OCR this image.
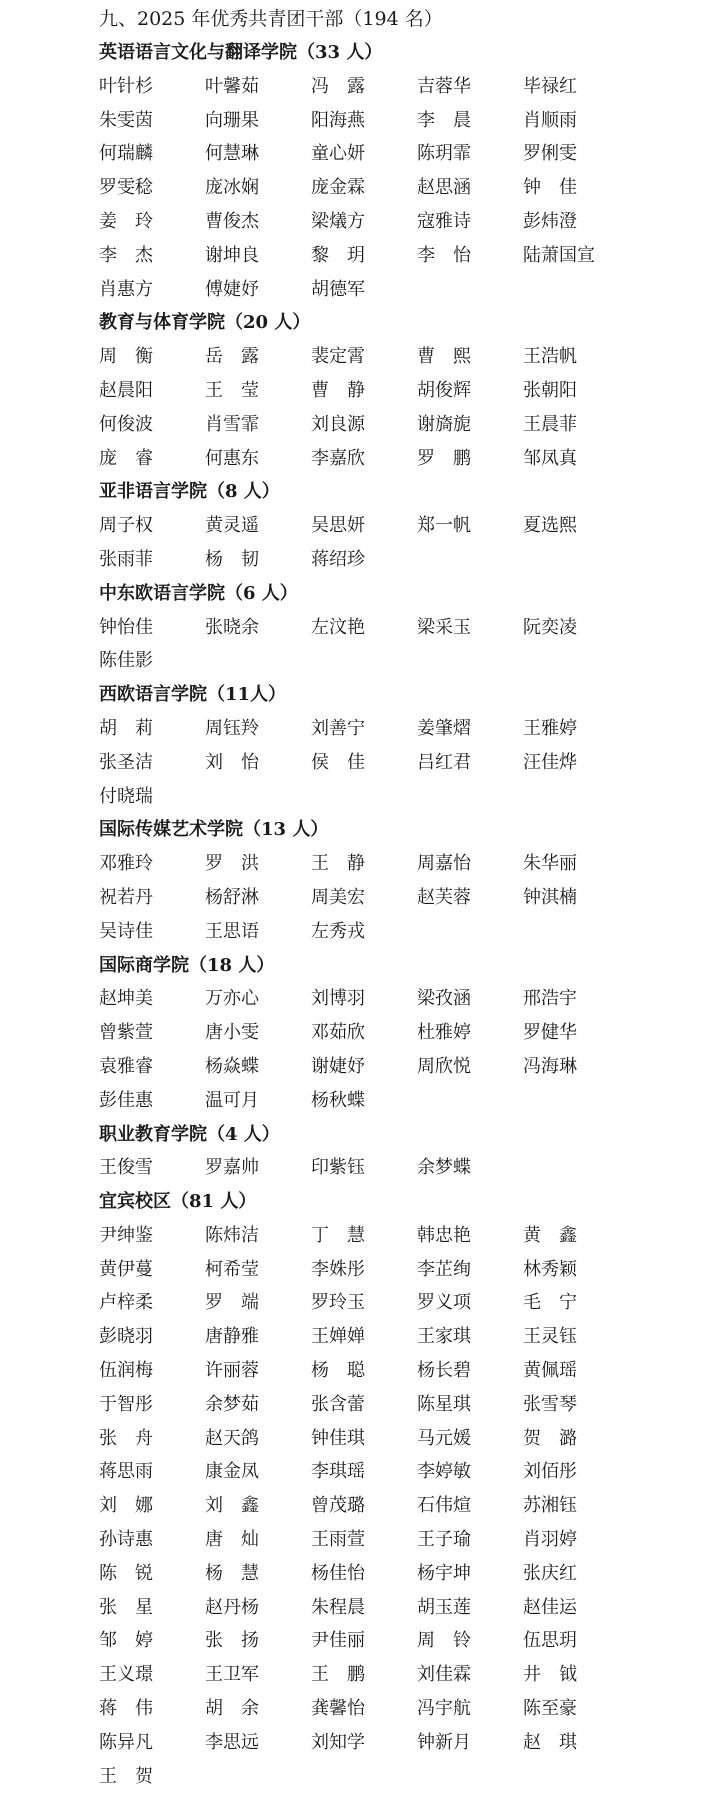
九、2025 年优秀共青团干部（194 名）
英语语言文化与翻译学院（33 人）
叶针杉	叶馨茹	冯　露	吉蓉华	毕禄红
朱雯茵	向珊果	阳海燕	李　晨	肖顺雨
何瑞麟	何慧琳	童心妍	陈玥霏	罗俐雯
罗雯稔	庞冰娴	庞金霖	赵思涵	钟　佳
姜　玲	曹俊杰	梁燨方	寇雅诗	彭炜澄
李　杰	谢坤良	黎　玥	李　怡	陆萧国宣
肖惠方	傅婕妤	胡德军
教育与体育学院（20 人）
周　衡	岳　露	裴定霄	曹　熙	王浩帆
赵晨阳	王　莹	曹　静	胡俊辉	张朝阳
何俊波	肖雪霏	刘良源	谢旖旎	王晨菲
庞　睿	何惠东	李嘉欣	罗　鹏	邹凤真
亚非语言学院（8 人）
周子权	黄灵遥	吴思妍	郑一帆	夏选熙
张雨菲	杨　韧	蒋绍珍
中东欧语言学院（6 人）
钟怡佳	张晓余	左汶艳	梁采玉	阮奕凌
陈佳影
西欧语言学院（11人）
胡　莉	周钰羚	刘善宁	姜肇熠	王雅婷
张圣洁	刘　怡	侯　佳	吕红君	汪佳烨
付晓瑞
国际传媒艺术学院（13 人）
邓雅玲	罗　洪	王　静	周嘉怡	朱华丽
祝若丹	杨舒淋	周美宏	赵芙蓉	钟淇楠
吴诗佳	王思语	左秀戎
国际商学院（18 人）
赵坤美	万亦心	刘博羽	梁孜涵	邢浩宇
曾紫萱	唐小雯	邓茹欣	杜雅婷	罗健华
袁雅睿	杨焱蝶	谢婕妤	周欣悦	冯海琳
彭佳惠	温可月	杨秋蝶
职业教育学院（4 人）
王俊雪	罗嘉帅	印紫钰	余梦蝶
宜宾校区（81 人）
尹绅鉴	陈炜洁	丁　慧	韩忠艳	黄　鑫
黄伊蔓	柯希莹	李姝彤	李芷绚	林秀颖
卢梓柔	罗　端	罗玲玉	罗义项	毛　宁
彭晓羽	唐静雅	王婵婵	王家琪	王灵钰
伍润梅	许丽蓉	杨　聪	杨长碧	黄佩瑶
于智彤	余梦茹	张含蕾	陈星琪	张雪琴
张　舟	赵天鸽	钟佳琪	马元媛	贺　潞
蒋思雨	康金凤	李琪瑶	李婷敏	刘佰彤
刘　娜	刘　鑫	曾茂璐	石伟煊	苏湘钰
孙诗惠	唐　灿	王雨萱	王子瑜	肖羽婷
陈　锐	杨　慧	杨佳怡	杨宇坤	张庆红
张　星	赵丹杨	朱程晨	胡玉莲	赵佳运
邹　婷	张　扬	尹佳丽	周　铃	伍思玥
王义璟	王卫军	王　鹏	刘佳霖	井　钺
蒋　伟	胡　余	龚馨怡	冯宇航	陈至豪
陈异凡	李思远	刘知学	钟新月	赵　琪
王　贺
